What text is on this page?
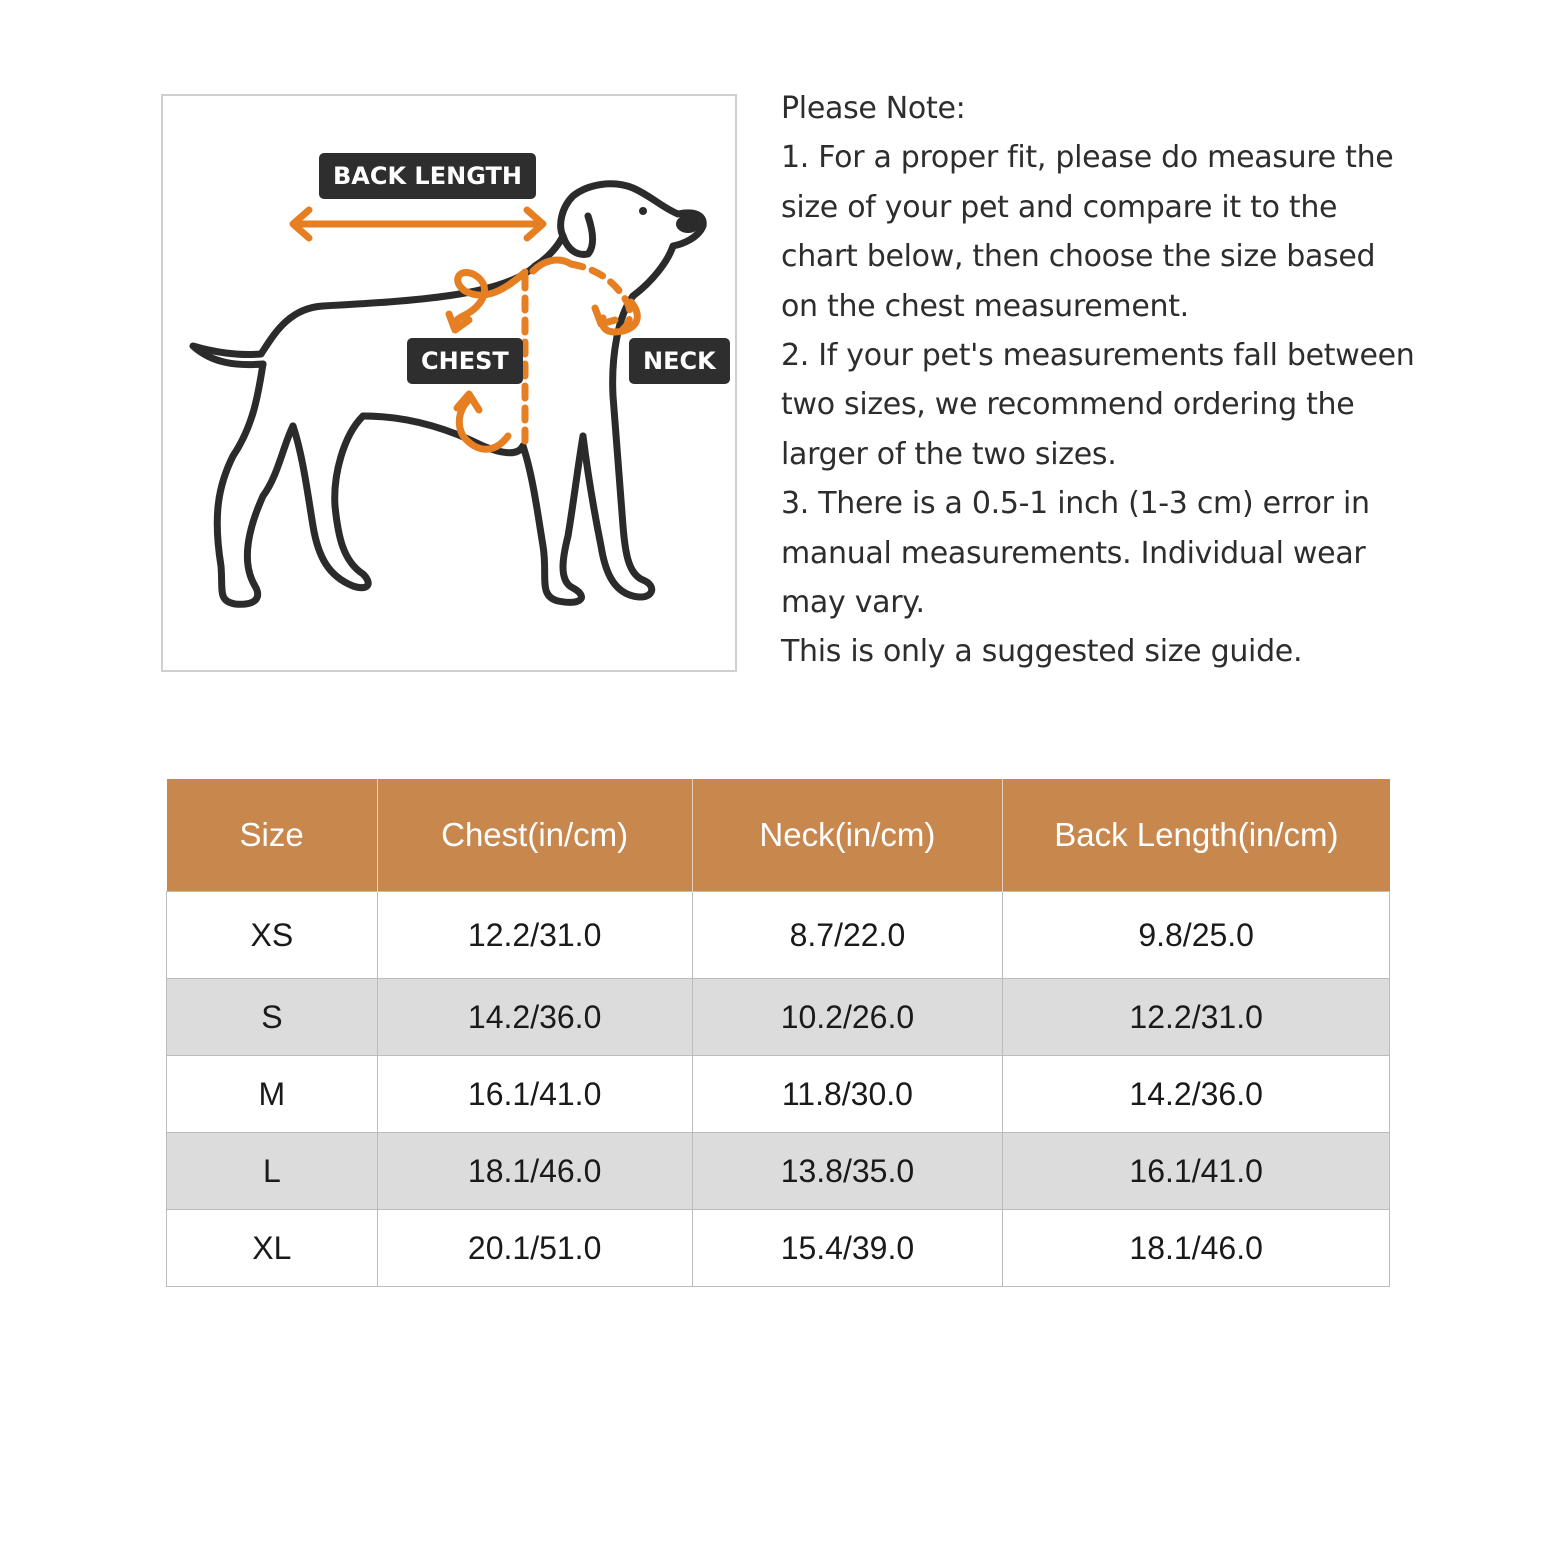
BACK LENGTH
CHEST	NECK

Please Note:

1. For a proper fit, please do measure the size of your pet and compare it to the chart below, then choose the size based on the chest measurement.

2. If your pet's measurements fall between two sizes, we recommend ordering the larger of the two sizes.

3. There is a 0.5-1 inch (1-3 cm) error in manual measurements. Individual wear may vary.

This is only a suggested size guide.

Size	Chest(in/cm)	Neck(in/cm)	Back Length(in/cm)
XS	12.2/31.0	8.7/22.0	9.8/25.0
S	14.2/36.0	10.2/26.0	12.2/31.0
M	16.1/41.0	11.8/30.0	14.2/36.0
L	18.1/46.0	13.8/35.0	16.1/41.0
XL	20.1/51.0	15.4/39.0	18.1/46.0
